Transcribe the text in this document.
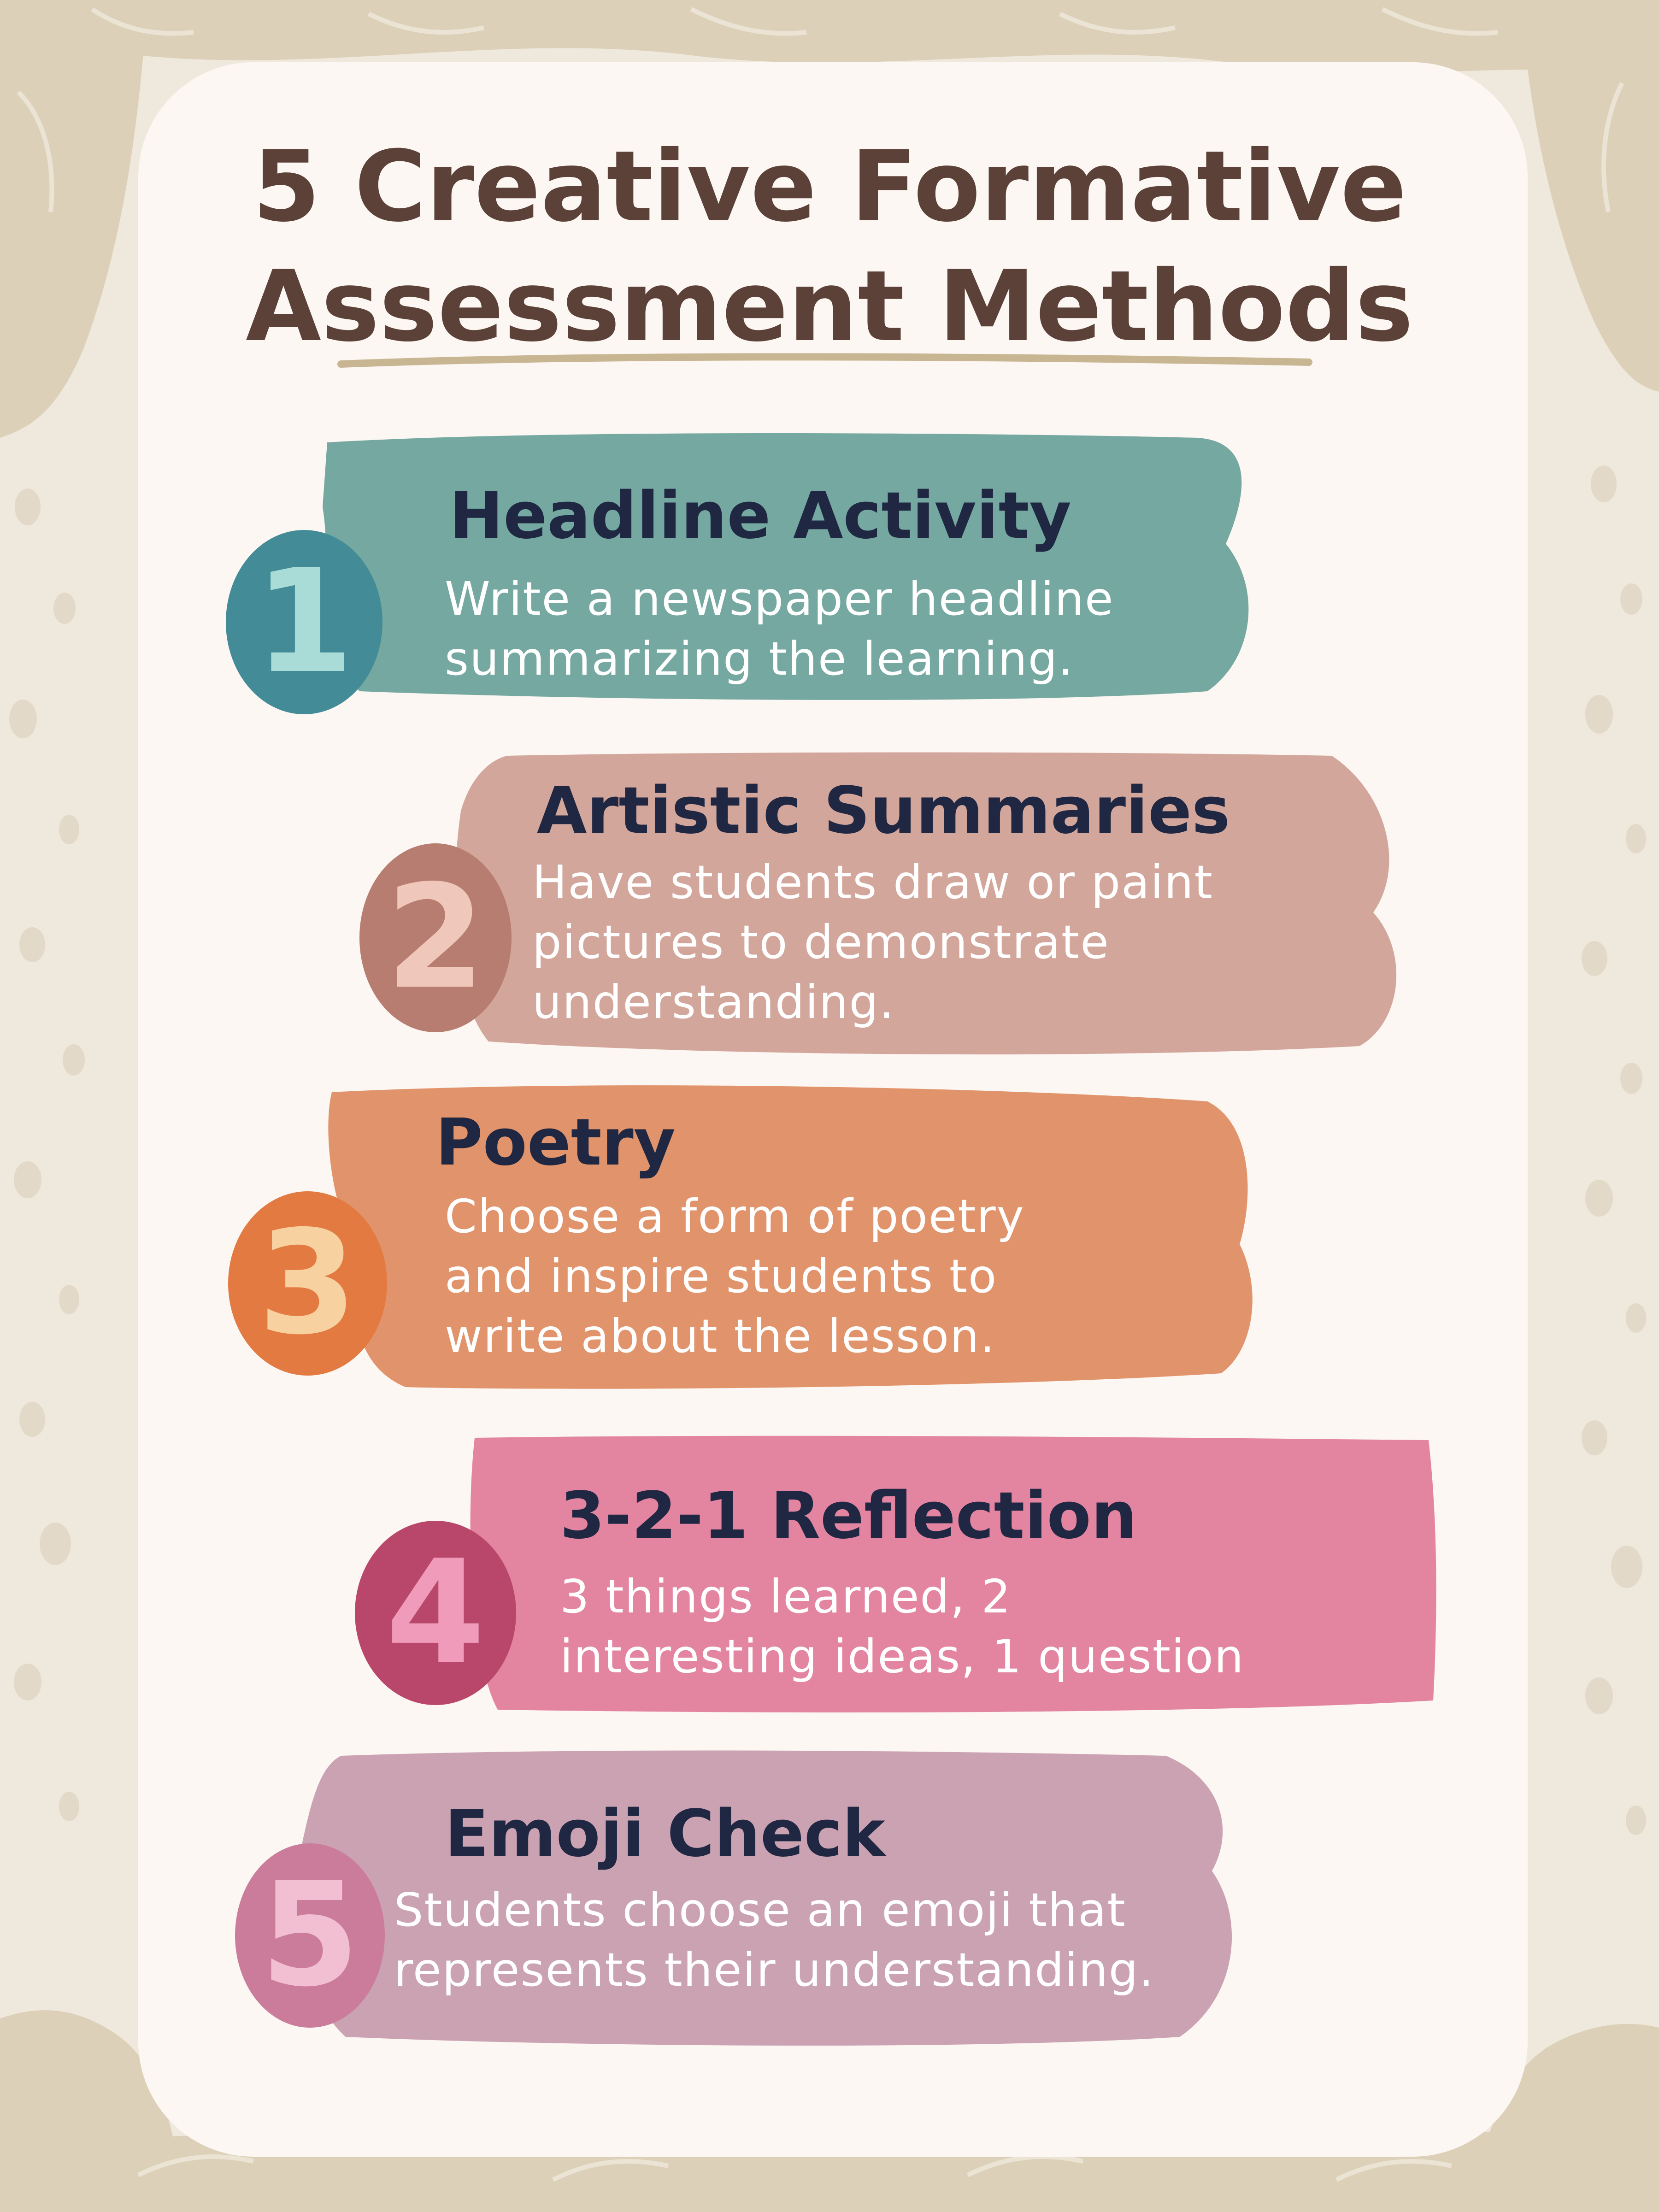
5 Creative Formative
Assessment Methods
1
Headline Activity

Write a newspaper headline
summarizing the learning.

2
Artistic Summaries

Have students draw or paint
pictures to demonstrate
understanding.

3
Poetry

Choose a form of poetry
and inspire students to
write about the lesson.

4
3-2-1 Reflection

3 things learned, 2
interesting ideas, 1 question

5
Emoji Check

Students choose an emoji that
represents their understanding.
